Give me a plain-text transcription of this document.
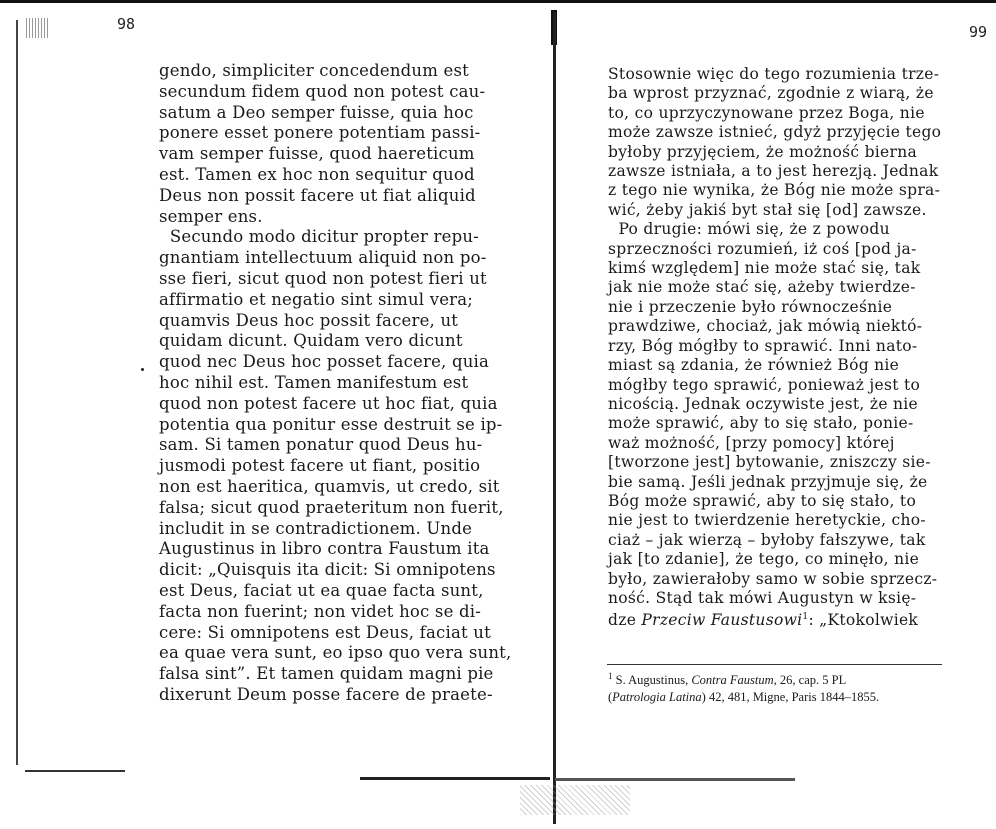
98	99
gendo, simpliciter concedendum est
secundum fidem quod non potest cau-
satum a Deo semper fuisse, quia hoc
ponere esset ponere potentiam passi-
vam semper fuisse, quod haereticum
est. Tamen ex hoc non sequitur quod
Deus non possit facere ut fiat aliquid
semper ens.
Secundo modo dicitur propter repu-
gnantiam intellectuum aliquid non po-
sse fieri, sicut quod non potest fieri ut
affirmatio et negatio sint simul vera;
quamvis Deus hoc possit facere, ut
quidam dicunt. Quidam vero dicunt
quod nec Deus hoc posset facere, quia
hoc nihil est. Tamen manifestum est
quod non potest facere ut hoc fiat, quia
potentia qua ponitur esse destruit se ip-
sam. Si tamen ponatur quod Deus hu-
jusmodi potest facere ut fiant, positio
non est haeritica, quamvis, ut credo, sit
falsa; sicut quod praeteritum non fuerit,
includit in se contradictionem. Unde
Augustinus in libro contra Faustum ita
dicit: „Quisquis ita dicit: Si omnipotens
est Deus, faciat ut ea quae facta sunt,
facta non fuerint; non videt hoc se di-
cere: Si omnipotens est Deus, faciat ut
ea quae vera sunt, eo ipso quo vera sunt,
falsa sint”. Et tamen quidam magni pie
dixerunt Deum posse facere de praete-
Stosownie więc do tego rozumienia trze-
ba wprost przyznać, zgodnie z wiarą, że
to, co uprzyczynowane przez Boga, nie
może zawsze istnieć, gdyż przyjęcie tego
byłoby przyjęciem, że możność bierna
zawsze istniała, a to jest herezją. Jednak
z tego nie wynika, że Bóg nie może spra-
wić, żeby jakiś byt stał się [od] zawsze.
Po drugie: mówi się, że z powodu
sprzeczności rozumień, iż coś [pod ja-
kimś względem] nie może stać się, tak
jak nie może stać się, ażeby twierdze-
nie i przeczenie było równocześnie
prawdziwe, chociaż, jak mówią niektó-
rzy, Bóg mógłby to sprawić. Inni nato-
miast są zdania, że również Bóg nie
mógłby tego sprawić, ponieważ jest to
nicością. Jednak oczywiste jest, że nie
może sprawić, aby to się stało, ponie-
waż możność, [przy pomocy] której
[tworzone jest] bytowanie, zniszczy sie-
bie samą. Jeśli jednak przyjmuje się, że
Bóg może sprawić, aby to się stało, to
nie jest to twierdzenie heretyckie, cho-
ciaż – jak wierzą – byłoby fałszywe, tak
jak [to zdanie], że tego, co minęło, nie
było, zawierałoby samo w sobie sprzecz-
ność. Stąd tak mówi Augustyn w księ-
dze Przeciw Faustusowi$^1$: „Ktokolwiek
$^1$ S. Augustinus, Contra Faustum, 26, cap. 5 PL
(Patrologia Latina) 42, 481, Migne, Paris 1844–1855.
